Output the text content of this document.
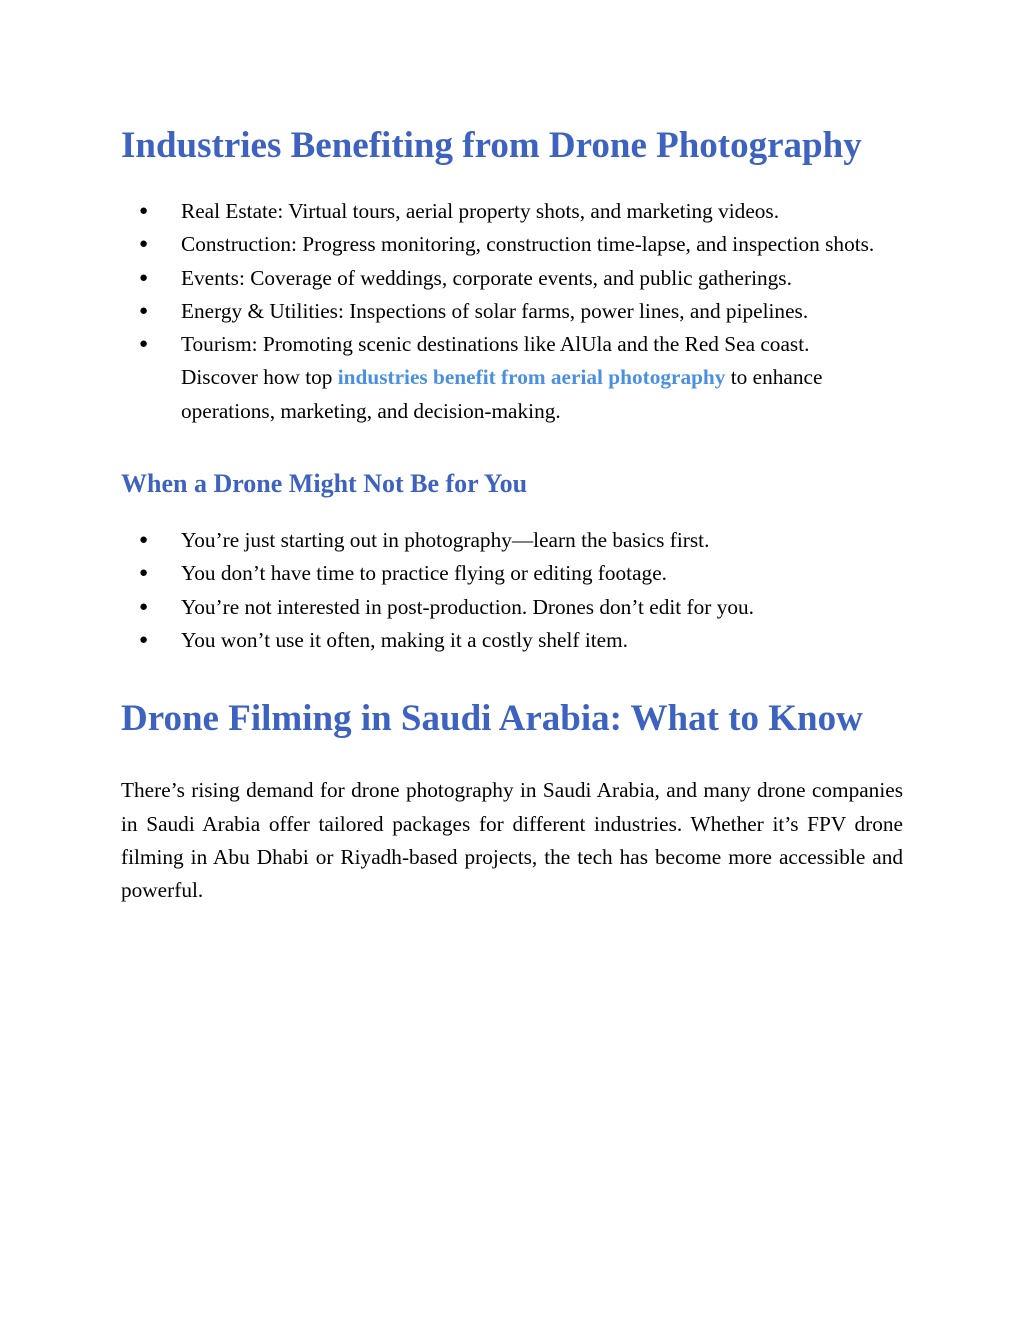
Industries Benefiting from Drone Photography
● Real Estate: Virtual tours, aerial property shots, and marketing videos.
● Construction: Progress monitoring, construction time-lapse, and inspection shots.
● Events: Coverage of weddings, corporate events, and public gatherings.
● Energy & Utilities: Inspections of solar farms, power lines, and pipelines.
● Tourism: Promoting scenic destinations like AlUla and the Red Sea coast.
Discover how top industries benefit from aerial photography to enhance operations, marketing, and decision-making.
When a Drone Might Not Be for You
● You’re just starting out in photography—learn the basics first.
● You don’t have time to practice flying or editing footage.
● You’re not interested in post-production. Drones don’t edit for you.
● You won’t use it often, making it a costly shelf item.
Drone Filming in Saudi Arabia: What to Know

There’s rising demand for drone photography in Saudi Arabia, and many drone companies in Saudi Arabia offer tailored packages for different industries. Whether it’s FPV drone filming in Abu Dhabi or Riyadh-based projects, the tech has become more accessible and powerful.
